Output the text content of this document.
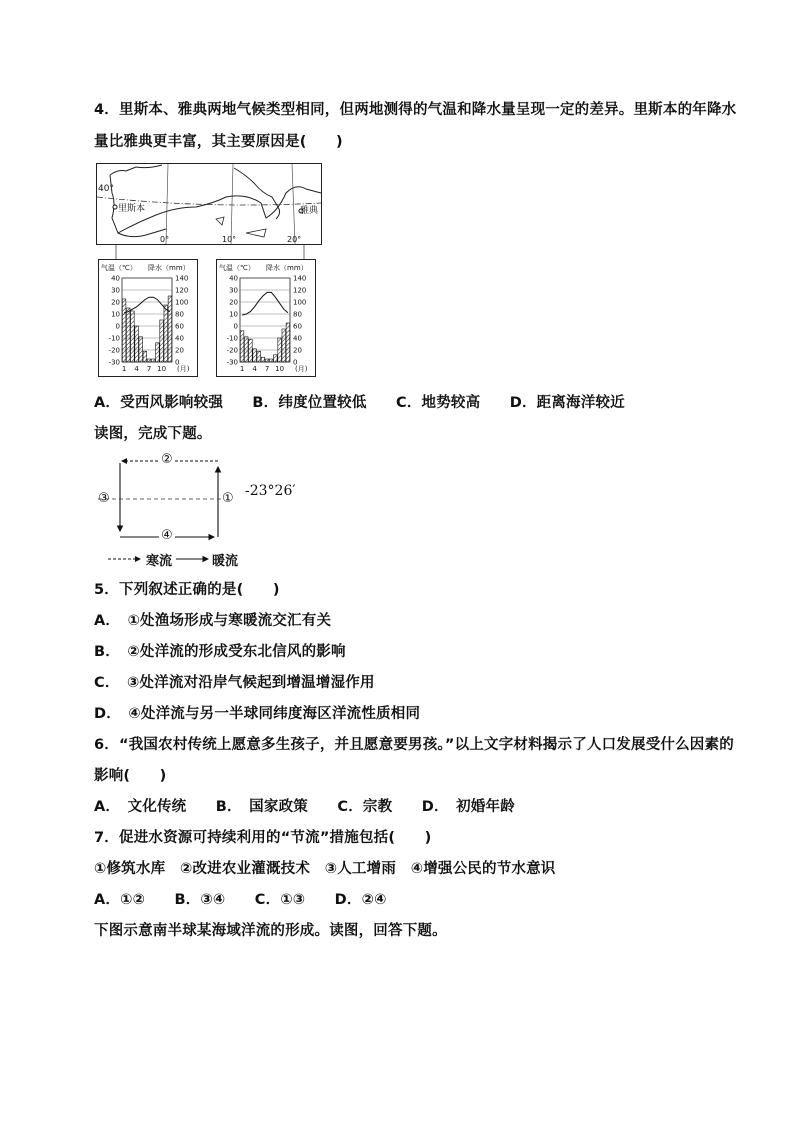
4．里斯本、雅典两地气候类型相同，但两地测得的气温和降水量呈现一定的差异。里斯本的年降水
量比雅典更丰富，其主要原因是(　　)
40°
里斯本	雅典
0°	10°	20°
气温（℃） 降水（mm）
40
30
20
10
0
-10
-20
-30
140
120
100
80
60
40
20
0
1 4 7 10 (月)
气温（℃） 降水（mm）
40
30
20
10
0
-10
-20
-30
140
120
100
80
60
40
20
0
1 4 7 10 (月)
A．受西风影响较强　　B．纬度位置较低　　C．地势较高　　D．距离海洋较近
读图，完成下题。
②
③	①
④
-23°26′
寒流	暖流
5．下列叙述正确的是(　　)
A．　①处渔场形成与寒暖流交汇有关
B．　②处洋流的形成受东北信风的影响
C．　③处洋流对沿岸气候起到增温增湿作用
D．　④处洋流与另一半球同纬度海区洋流性质相同
6．“我国农村传统上愿意多生孩子，并且愿意要男孩。”以上文字材料揭示了人口发展受什么因素的
影响(　　)
A．　文化传统　　B．　国家政策　　C．宗教　　D．　初婚年龄
7．促进水资源可持续利用的“节流”措施包括(　　)
①修筑水库　②改进农业灌溉技术　③人工增雨　④增强公民的节水意识
A．①②　　B．③④　　C．①③　　D．②④
下图示意南半球某海域洋流的形成。读图，回答下题。
